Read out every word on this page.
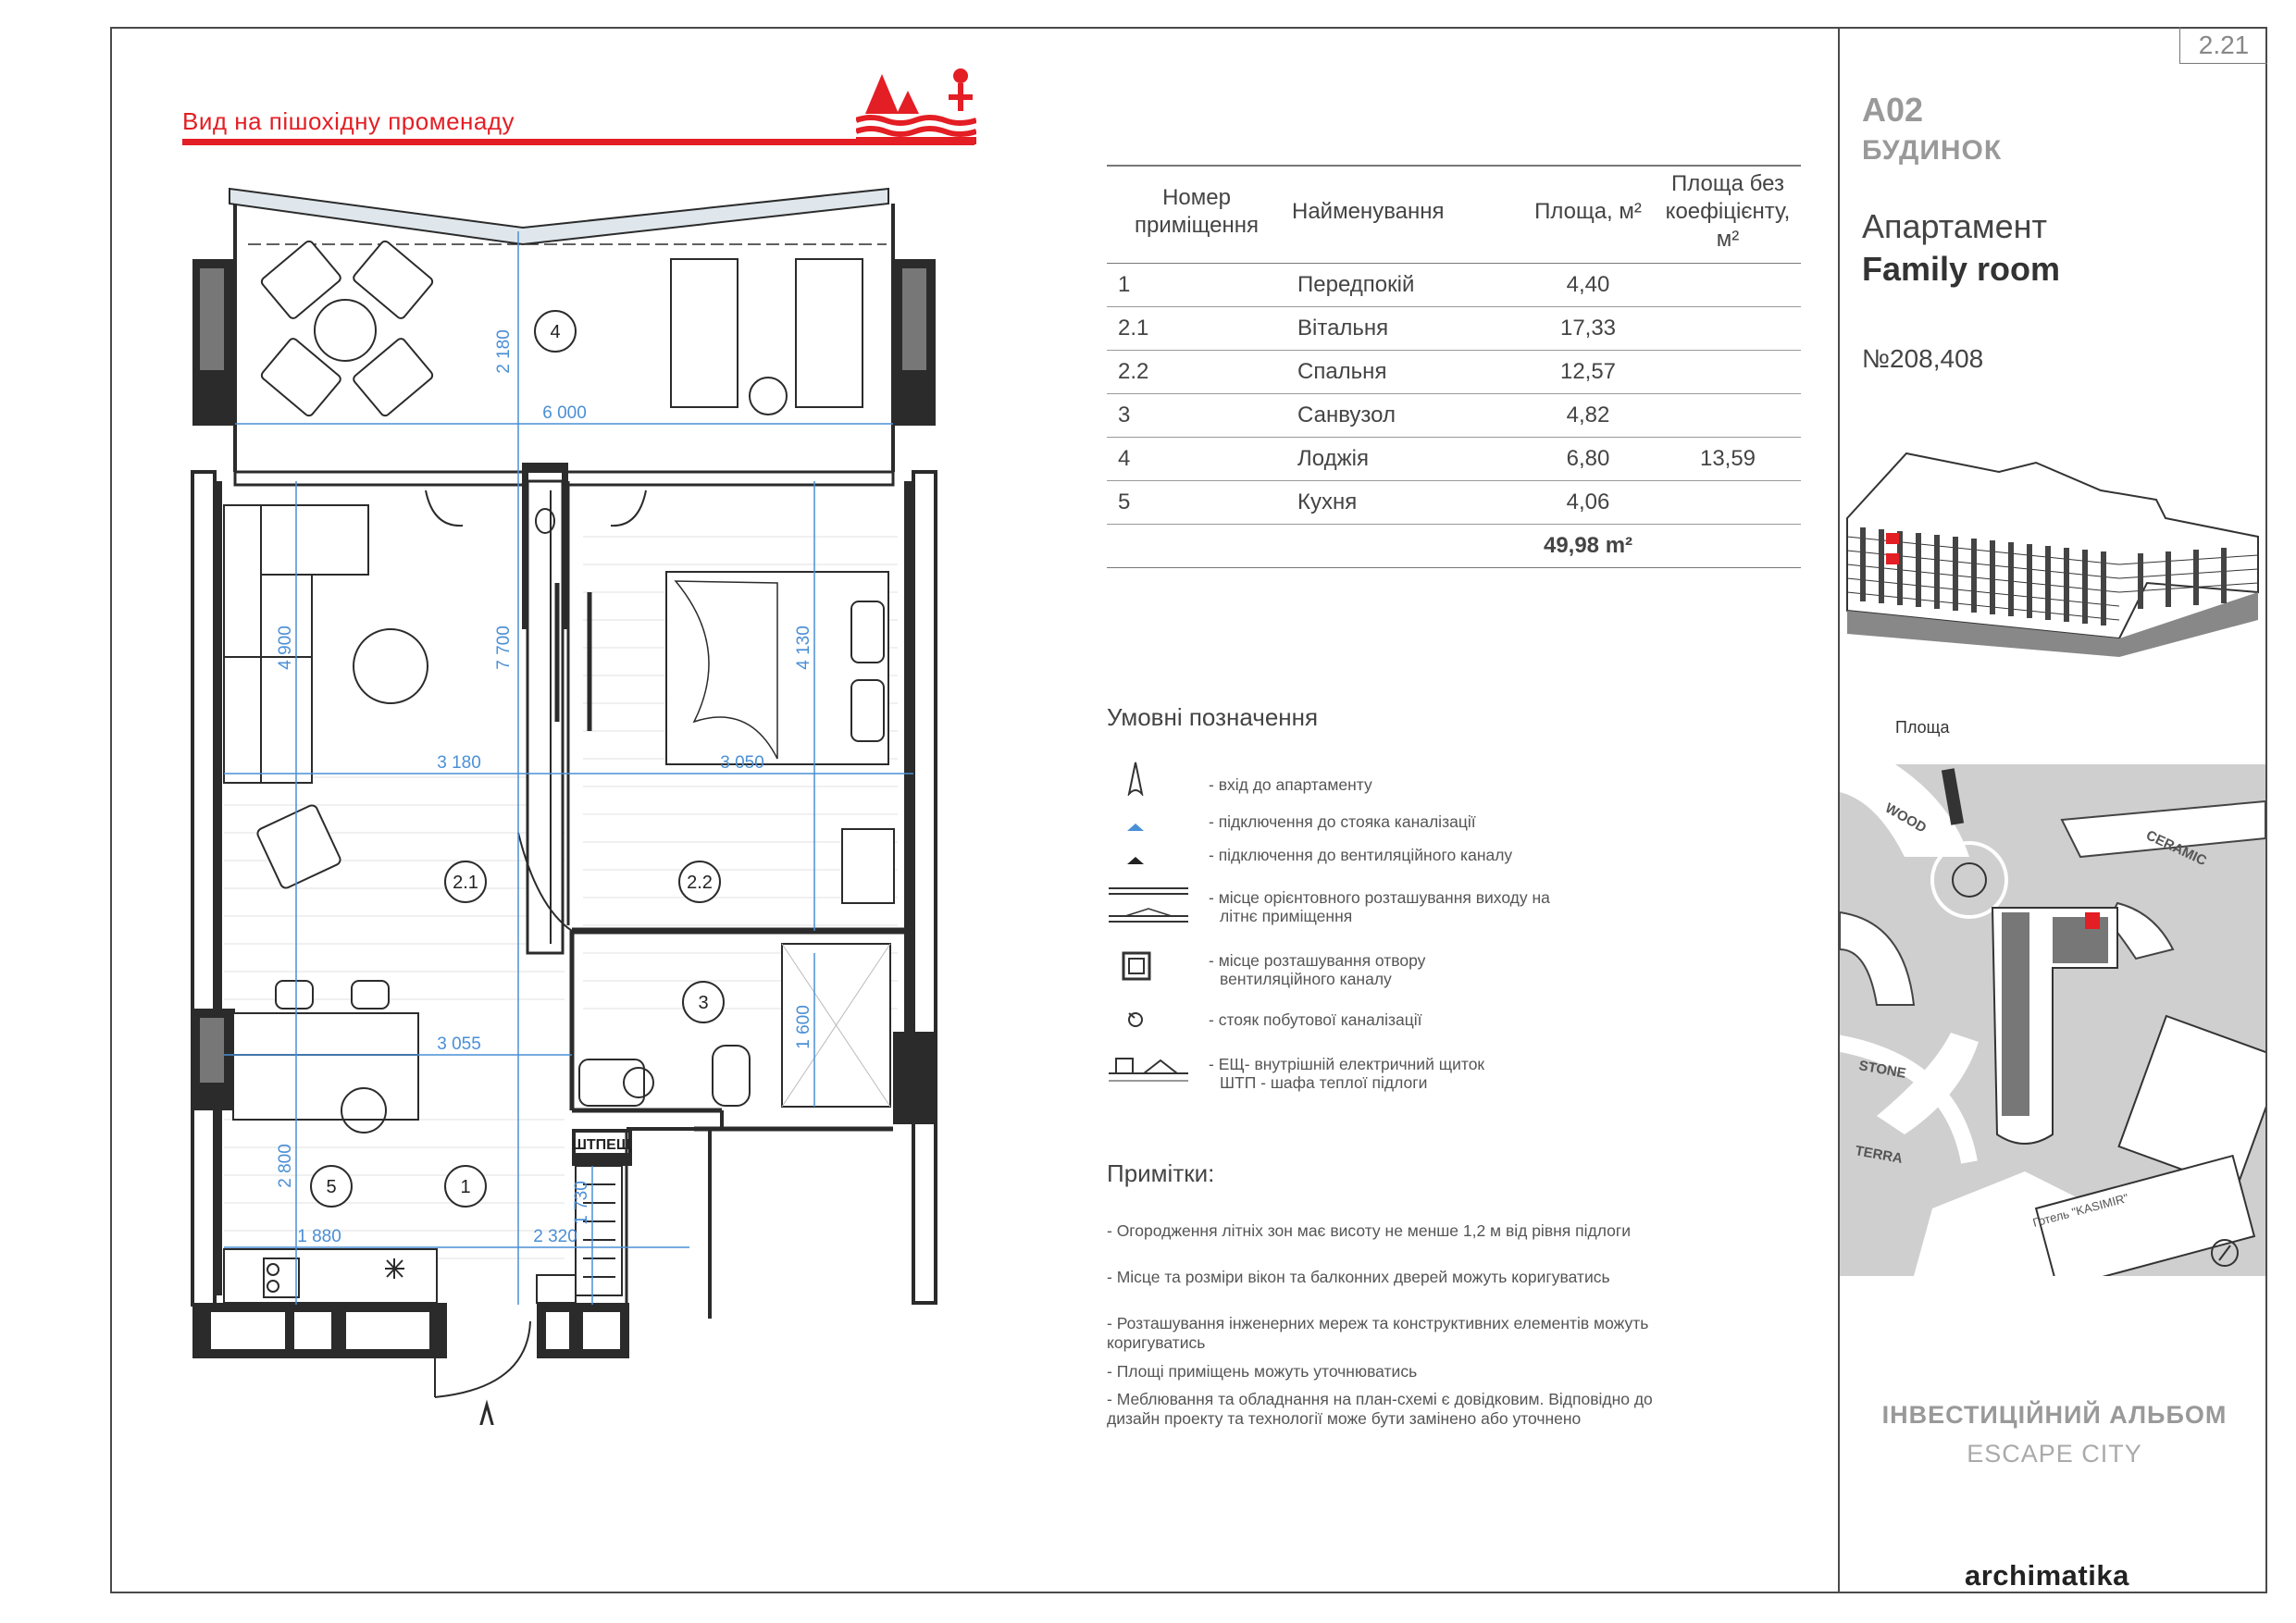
2.21
Вид на пішохідну променаду
ШТПЕЩ
6 000
2 180
3 180	3 050
4 900	7 700	4 130
1 600
3 055
2 800
1 730
1 880	2 320
4
2.1	2.2
3
5	1
Номер приміщення	Найменування	Площа, м²	Площа без коефіцієнту, м²
1	Передпокій	4,40	
2.1	Вітальня	17,33	
2.2	Спальня	12,57	
3	Санвузол	4,82	
4	Лоджія	6,80	13,59
5	Кухня	4,06	
		49,98 m²	
Умовні позначення
- вхід до апартаменту
- підключення до стояка каналізації
- підключення до вентиляційного каналу
- місце орієнтовного розташування виходу на
літнє приміщення
- місце розташування отвору
вентиляційного каналу
- стояк побутової каналізації
- ЕЩ- внутрішній електричний щиток
ШТП - шафа теплої підлоги
Примітки:
- Огородження літніх зон має висоту не менше 1,2 м від рівня підлоги
- Місце та розміри вікон та балконних дверей можуть коригуватись
- Розташування інженерних мереж та конструктивних елементів можуть коригуватись
- Площі приміщень можуть уточнюватись
- Меблювання та обладнання на план-схемі є довідковим. Відповідно до дизайн проекту та технології може бути замінено або уточнено
А02
БУДИНОК
Апартамент
Family room
№208,408
Площа
WOOD
CERAMIC
STONE
TERRA
Готель "KASIMIR"
ІНВЕСТИЦІЙНИЙ АЛЬБОМ
ESCAPE CITY
archimatika
